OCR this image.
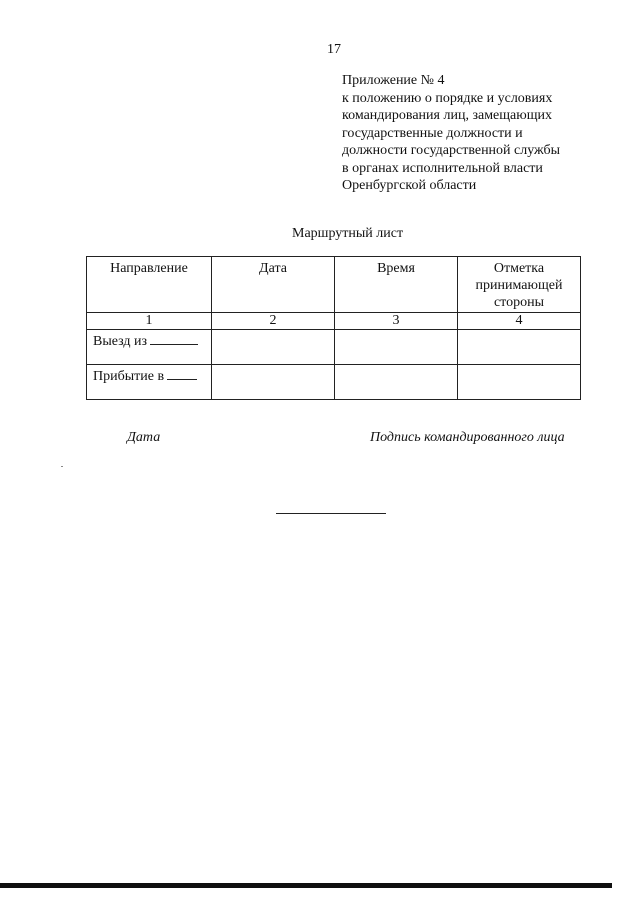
17
Приложение № 4
к положению о порядке и условиях
командирования лиц, замещающих
государственные должности и
должности государственной службы
в органах исполнительной власти
Оренбургской области
Маршрутный лист
Направление	Дата	Время	Отметка принимающей стороны
1	2	3	4
Выезд из			
Прибытие в			
Дата	Подпись командированного лица
